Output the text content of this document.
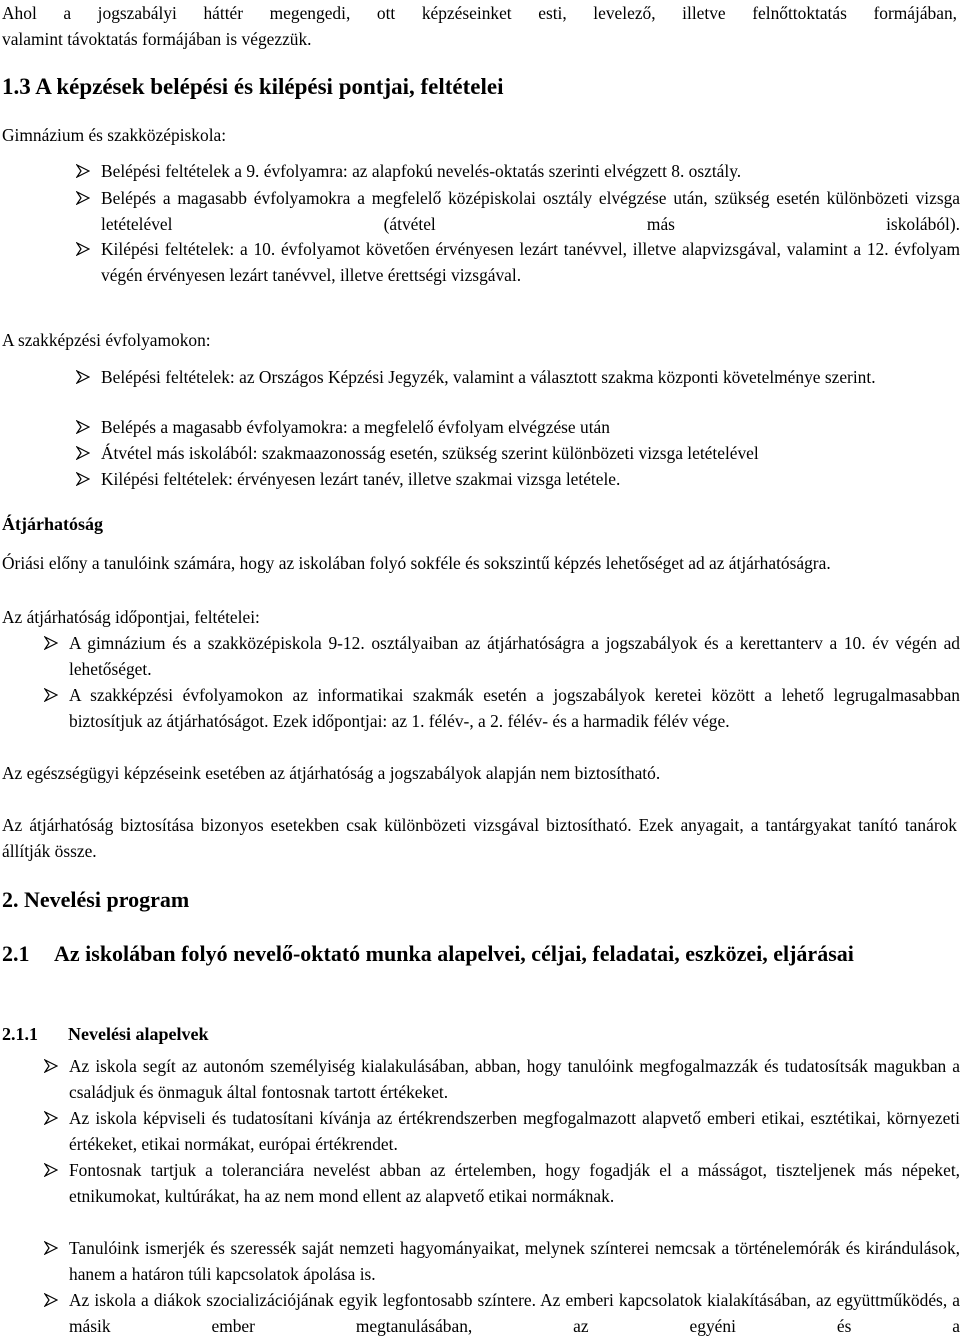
Ahol a jogszabályi háttér megengedi, ott képzéseinket esti, levelező, illetve felnőttoktatás formájában,

valamint távoktatás formájában is végezzük.

1.3 A képzések belépési és kilépési pontjai, feltételei

Gimnázium és szakközépiskola:

Belépési feltételek a 9. évfolyamra: az alapfokú nevelés-oktatás szerinti elvégzett 8. osztály.
Belépés a magasabb évfolyamokra a megfelelő középiskolai osztály elvégzése után, szükség esetén különbözeti vizsga letételével (átvétel más iskolából).
Kilépési feltételek: a 10. évfolyamot követően érvényesen lezárt tanévvel, illetve alapvizsgával, valamint a 12. évfolyam végén érvényesen lezárt tanévvel, illetve érettségi vizsgával.

A szakképzési évfolyamokon:

Belépési feltételek: az Országos Képzési Jegyzék, valamint a választott szakma központi követelménye szerint.
Belépés a magasabb évfolyamokra: a megfelelő évfolyam elvégzése után
Átvétel más iskolából: szakmaazonosság esetén, szükség szerint különbözeti vizsga letételével
Kilépési feltételek: érvényesen lezárt tanév, illetve szakmai vizsga letétele.

Átjárhatóság

Óriási előny a tanulóink számára, hogy az iskolában folyó sokféle és sokszintű képzés lehetőséget ad az átjárhatóságra.

Az átjárhatóság időpontjai, feltételei:

A gimnázium és a szakközépiskola 9-12. osztályaiban az átjárhatóságra a jogszabályok és a kerettanterv a 10. év végén ad lehetőséget.
A szakképzési évfolyamokon az informatikai szakmák esetén a jogszabályok keretei között a lehető legrugalmasabban biztosítjuk az átjárhatóságot. Ezek időpontjai: az 1. félév-, a 2. félév- és a harmadik félév vége.

Az egészségügyi képzéseink esetében az átjárhatóság a jogszabályok alapján nem biztosítható.

Az átjárhatóság biztosítása bizonyos esetekben csak különbözeti vizsgával biztosítható. Ezek anyagait, a tantárgyakat tanító tanárok állítják össze.

2. Nevelési program

2.1 Az iskolában folyó nevelő-oktató munka alapelvei, céljai, feladatai, eszközei, eljárásai
2.1.1 Nevelési alapelvek
Az iskola segít az autonóm személyiség kialakulásában, abban, hogy tanulóink megfogalmazzák és tudatosítsák magukban a családjuk és önmaguk által fontosnak tartott értékeket.
Az iskola képviseli és tudatosítani kívánja az értékrendszerben megfogalmazott alapvető emberi etikai, esztétikai, környezeti értékeket, etikai normákat, európai értékrendet.
Fontosnak tartjuk a toleranciára nevelést abban az értelemben, hogy fogadják el a másságot, tiszteljenek más népeket, etnikumokat, kultúrákat, ha az nem mond ellent az alapvető etikai normáknak.
Tanulóink ismerjék és szeressék saját nemzeti hagyományaikat, melynek színterei nemcsak a történelemórák és kirándulások, hanem a határon túli kapcsolatok ápolása is.
Az iskola a diákok szocializációjának egyik legfontosabb színtere. Az emberi kapcsolatok kialakításában, az együttműködés, a másik ember megtanulásában, az egyéni és a
